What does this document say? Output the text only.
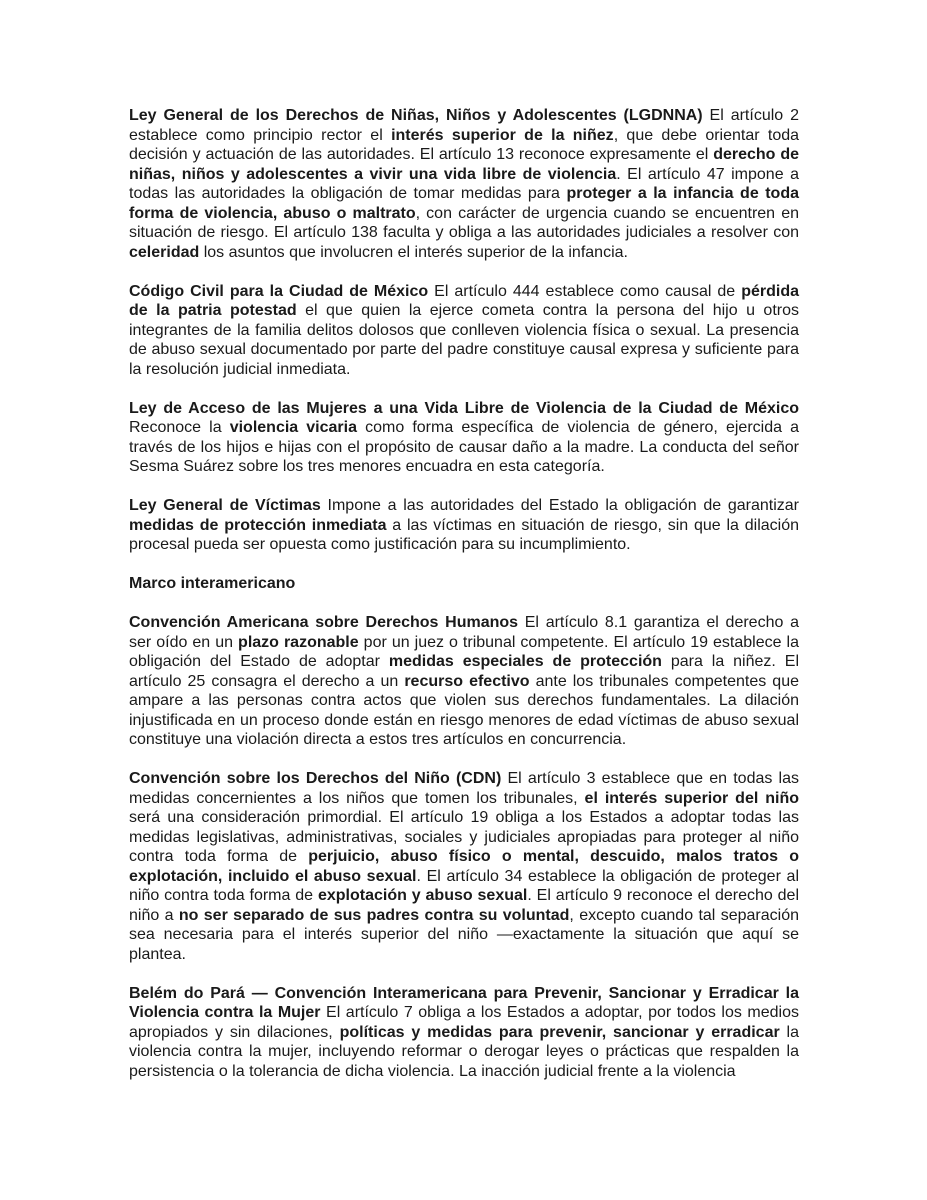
Ley General de los Derechos de Niñas, Niños y Adolescentes (LGDNNA) El artículo 2 establece como principio rector el interés superior de la niñez, que debe orientar toda decisión y actuación de las autoridades. El artículo 13 reconoce expresamente el derecho de niñas, niños y adolescentes a vivir una vida libre de violencia. El artículo 47 impone a todas las autoridades la obligación de tomar medidas para proteger a la infancia de toda forma de violencia, abuso o maltrato, con carácter de urgencia cuando se encuentren en situación de riesgo. El artículo 138 faculta y obliga a las autoridades judiciales a resolver con celeridad los asuntos que involucren el interés superior de la infancia.

Código Civil para la Ciudad de México El artículo 444 establece como causal de pérdida de la patria potestad el que quien la ejerce cometa contra la persona del hijo u otros integrantes de la familia delitos dolosos que conlleven violencia física o sexual. La presencia de abuso sexual documentado por parte del padre constituye causal expresa y suficiente para la resolución judicial inmediata.

Ley de Acceso de las Mujeres a una Vida Libre de Violencia de la Ciudad de México Reconoce la violencia vicaria como forma específica de violencia de género, ejercida a través de los hijos e hijas con el propósito de causar daño a la madre. La conducta del señor Sesma Suárez sobre los tres menores encuadra en esta categoría.

Ley General de Víctimas Impone a las autoridades del Estado la obligación de garantizar medidas de protección inmediata a las víctimas en situación de riesgo, sin que la dilación procesal pueda ser opuesta como justificación para su incumplimiento.

Marco interamericano

Convención Americana sobre Derechos Humanos El artículo 8.1 garantiza el derecho a ser oído en un plazo razonable por un juez o tribunal competente. El artículo 19 establece la obligación del Estado de adoptar medidas especiales de protección para la niñez. El artículo 25 consagra el derecho a un recurso efectivo ante los tribunales competentes que ampare a las personas contra actos que violen sus derechos fundamentales. La dilación injustificada en un proceso donde están en riesgo menores de edad víctimas de abuso sexual constituye una violación directa a estos tres artículos en concurrencia.

Convención sobre los Derechos del Niño (CDN) El artículo 3 establece que en todas las medidas concernientes a los niños que tomen los tribunales, el interés superior del niño será una consideración primordial. El artículo 19 obliga a los Estados a adoptar todas las medidas legislativas, administrativas, sociales y judiciales apropiadas para proteger al niño contra toda forma de perjuicio, abuso físico o mental, descuido, malos tratos o explotación, incluido el abuso sexual. El artículo 34 establece la obligación de proteger al niño contra toda forma de explotación y abuso sexual. El artículo 9 reconoce el derecho del niño a no ser separado de sus padres contra su voluntad, excepto cuando tal separación sea necesaria para el interés superior del niño —exactamente la situación que aquí se plantea.

Belém do Pará — Convención Interamericana para Prevenir, Sancionar y Erradicar la Violencia contra la Mujer El artículo 7 obliga a los Estados a adoptar, por todos los medios apropiados y sin dilaciones, políticas y medidas para prevenir, sancionar y erradicar la violencia contra la mujer, incluyendo reformar o derogar leyes o prácticas que respalden la persistencia o la tolerancia de dicha violencia. La inacción judicial frente a la violencia
